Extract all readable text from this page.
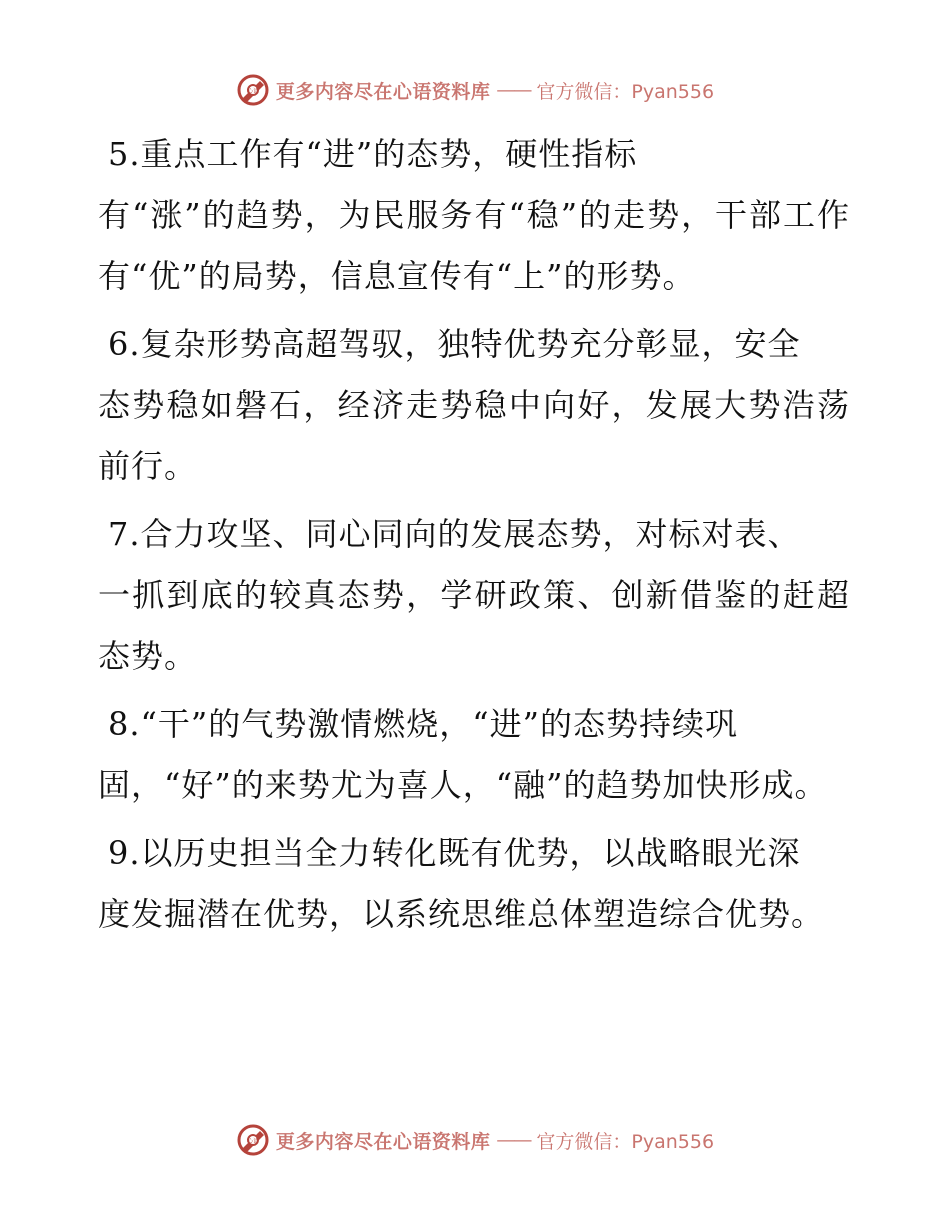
心语 更多内容尽在心语资料库 —— 官方微信：Pyan556
5.重点工作有“进”的态势，硬性指标
有“涨”的趋势，为民服务有“稳”的走势，干部工作有“优”的局势，信息宣传有“上”的形势。
6.复杂形势高超驾驭，独特优势充分彰显，安全
态势稳如磐石，经济走势稳中向好，发展大势浩荡前行。
7.合力攻坚、同心同向的发展态势，对标对表、
一抓到底的较真态势，学研政策、创新借鉴的赶超态势。
8.“干”的气势激情燃烧，“进”的态势持续巩
固，“好”的来势尤为喜人，“融”的趋势加快形成。
9.以历史担当全力转化既有优势，以战略眼光深
度发掘潜在优势，以系统思维总体塑造综合优势。
心语 更多内容尽在心语资料库 —— 官方微信：Pyan556
